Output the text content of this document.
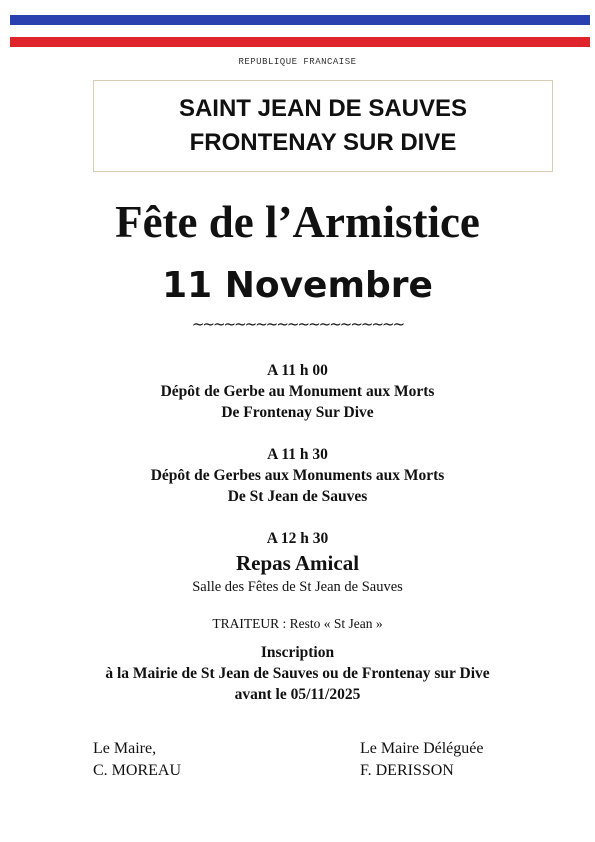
REPUBLIQUE FRANCAISE
SAINT JEAN DE SAUVES
FRONTENAY SUR DIVE
Fête de l’Armistice
11 Novembre
~~~~~~~~~~~~~~~~~~~~
A 11 h 00
Dépôt de Gerbe au Monument aux Morts
De Frontenay Sur Dive
A 11 h 30
Dépôt de Gerbes aux Monuments aux Morts
De St Jean de Sauves
A 12 h 30
Repas Amical
Salle des Fêtes de St Jean de Sauves
TRAITEUR : Resto « St Jean »
Inscription
à la Mairie de St Jean de Sauves ou de Frontenay sur Dive
avant le 05/11/2025
Le Maire,
C. MOREAU
Le Maire Déléguée
F. DERISSON
